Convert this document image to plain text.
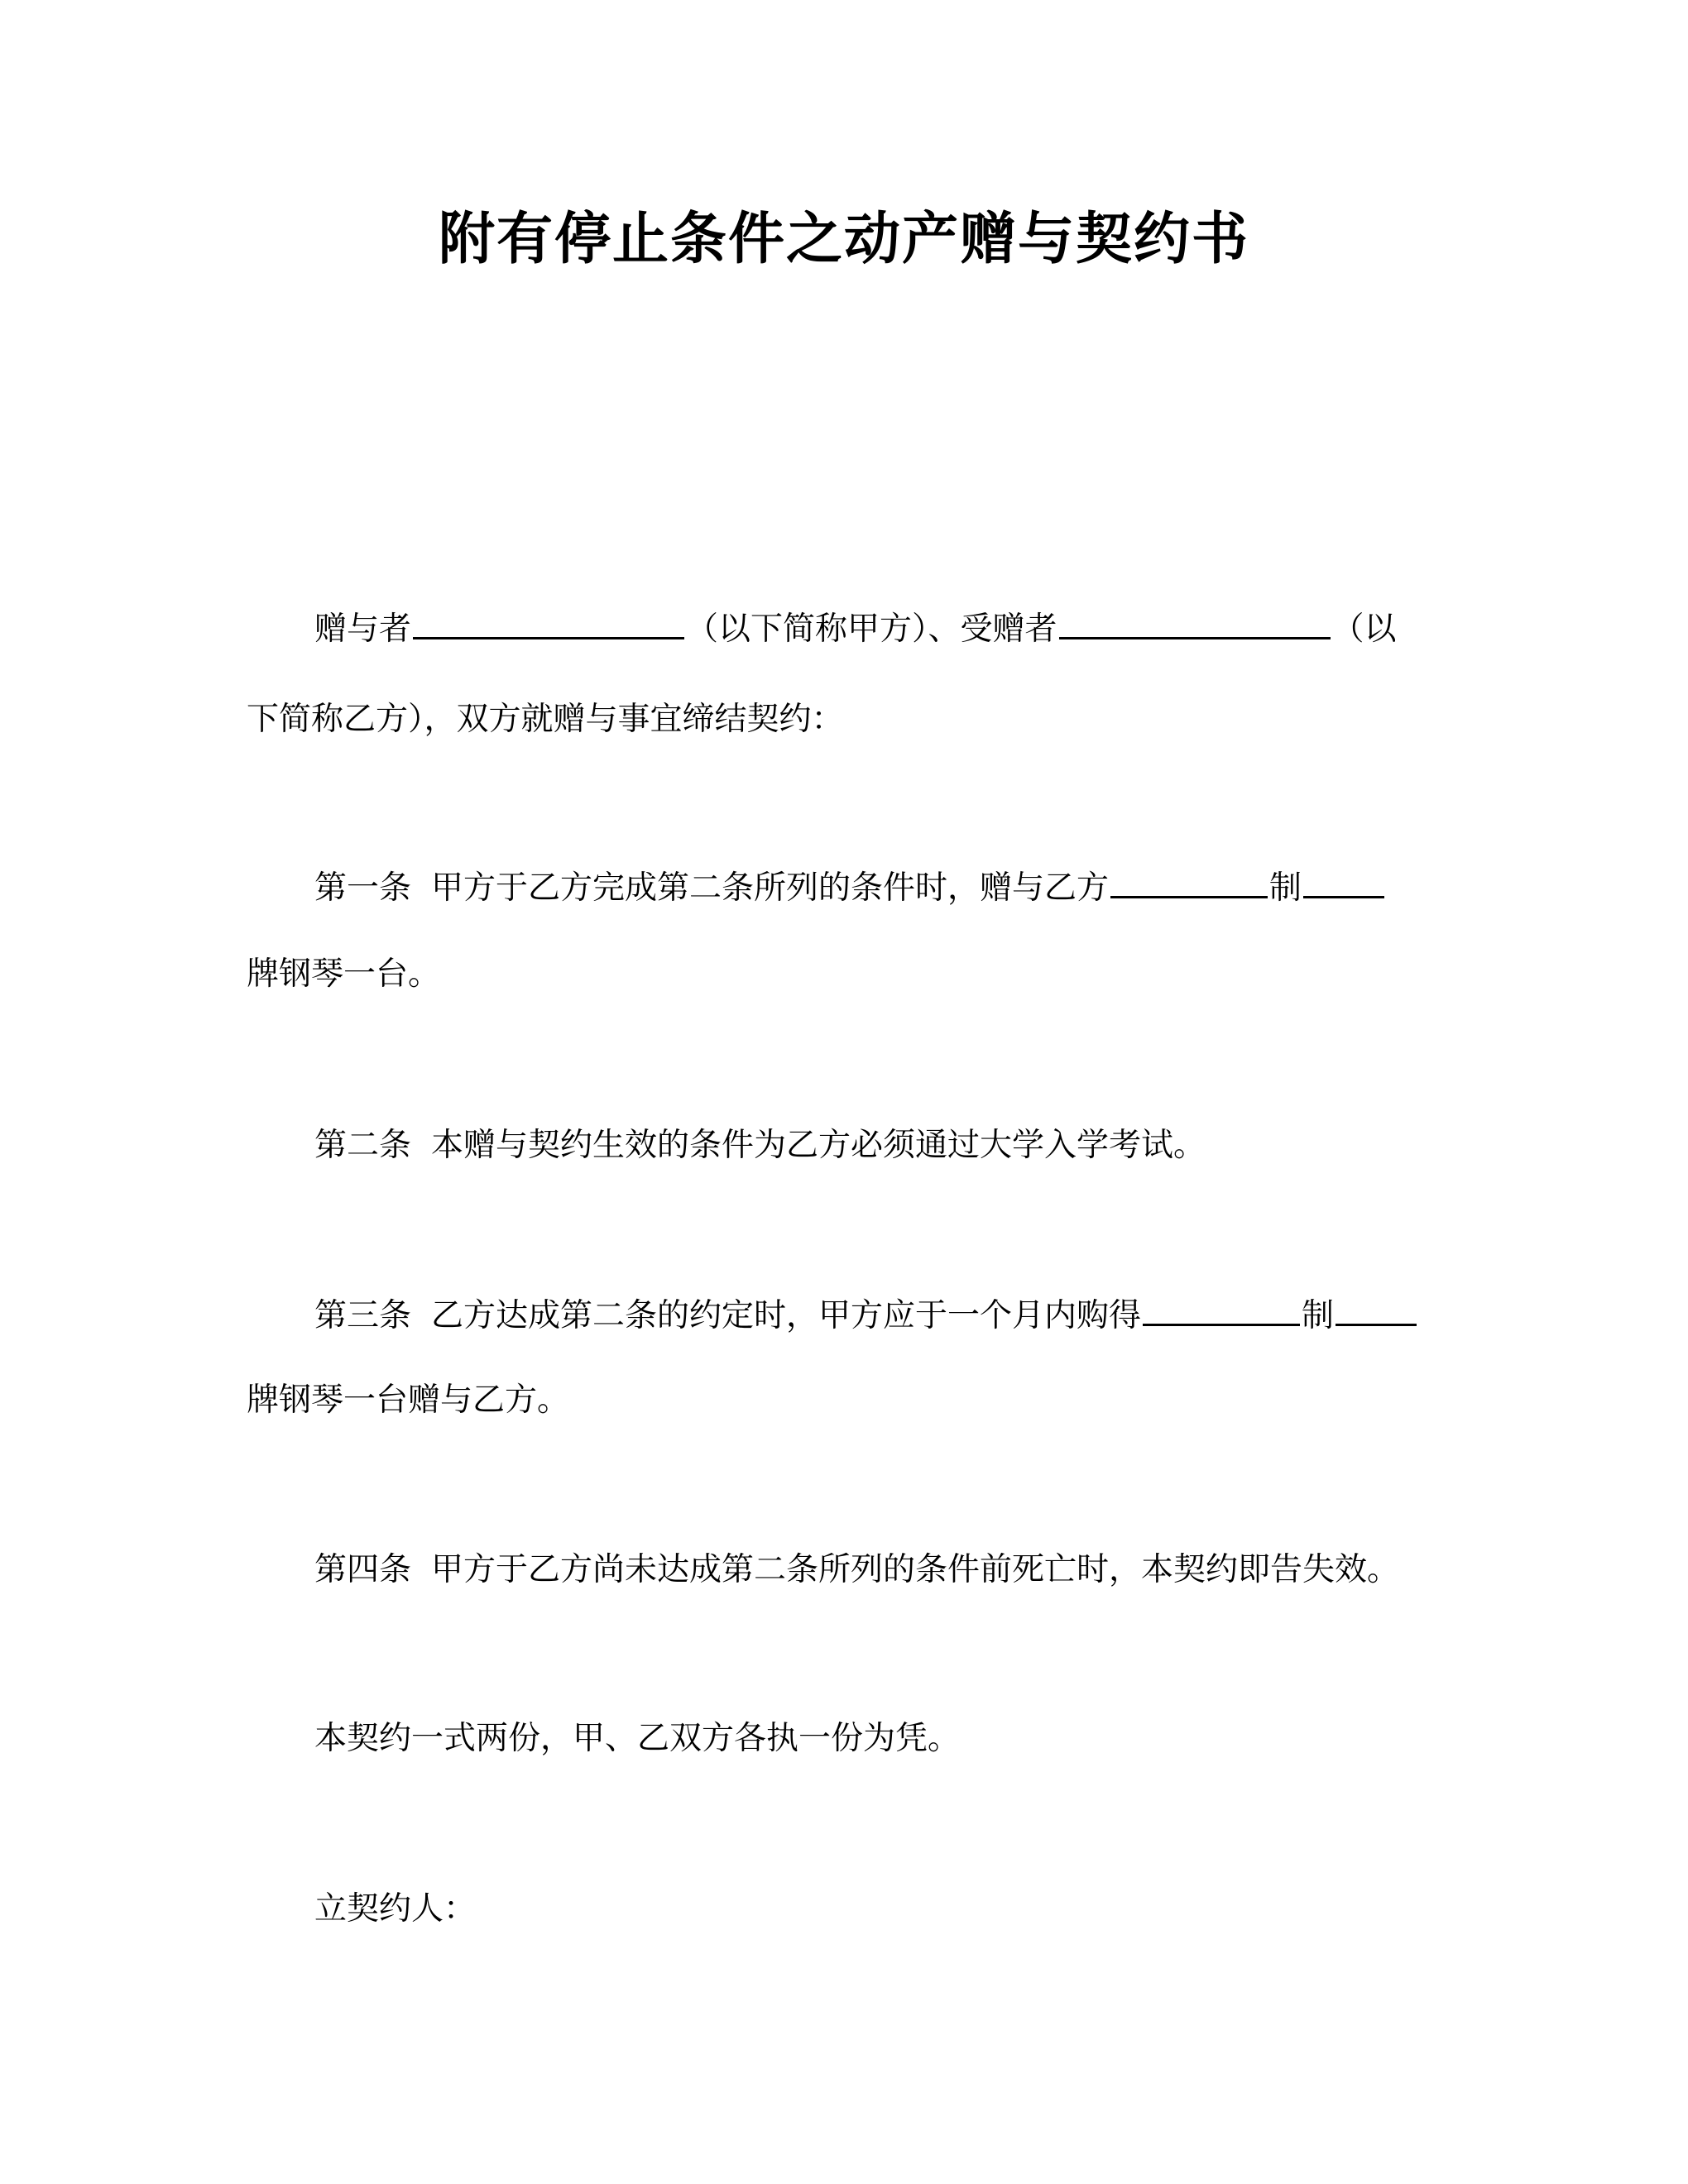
附有停止条件之动产赠与契约书
赠与者	（以下简称甲方）、受赠者	（以
下简称乙方），双方就赠与事宜缔结契约：
第一条 甲方于乙方完成第二条所列的条件时，赠与乙方	制
牌钢琴一台。
第二条 本赠与契约生效的条件为乙方必须通过大学入学考试。
第三条 乙方达成第二条的约定时，甲方应于一个月内购得	制
牌钢琴一台赠与乙方。
第四条 甲方于乙方尚未达成第二条所列的条件前死亡时，本契约即告失效。
本契约一式两份，甲、乙双方各执一份为凭。
立契约人：
